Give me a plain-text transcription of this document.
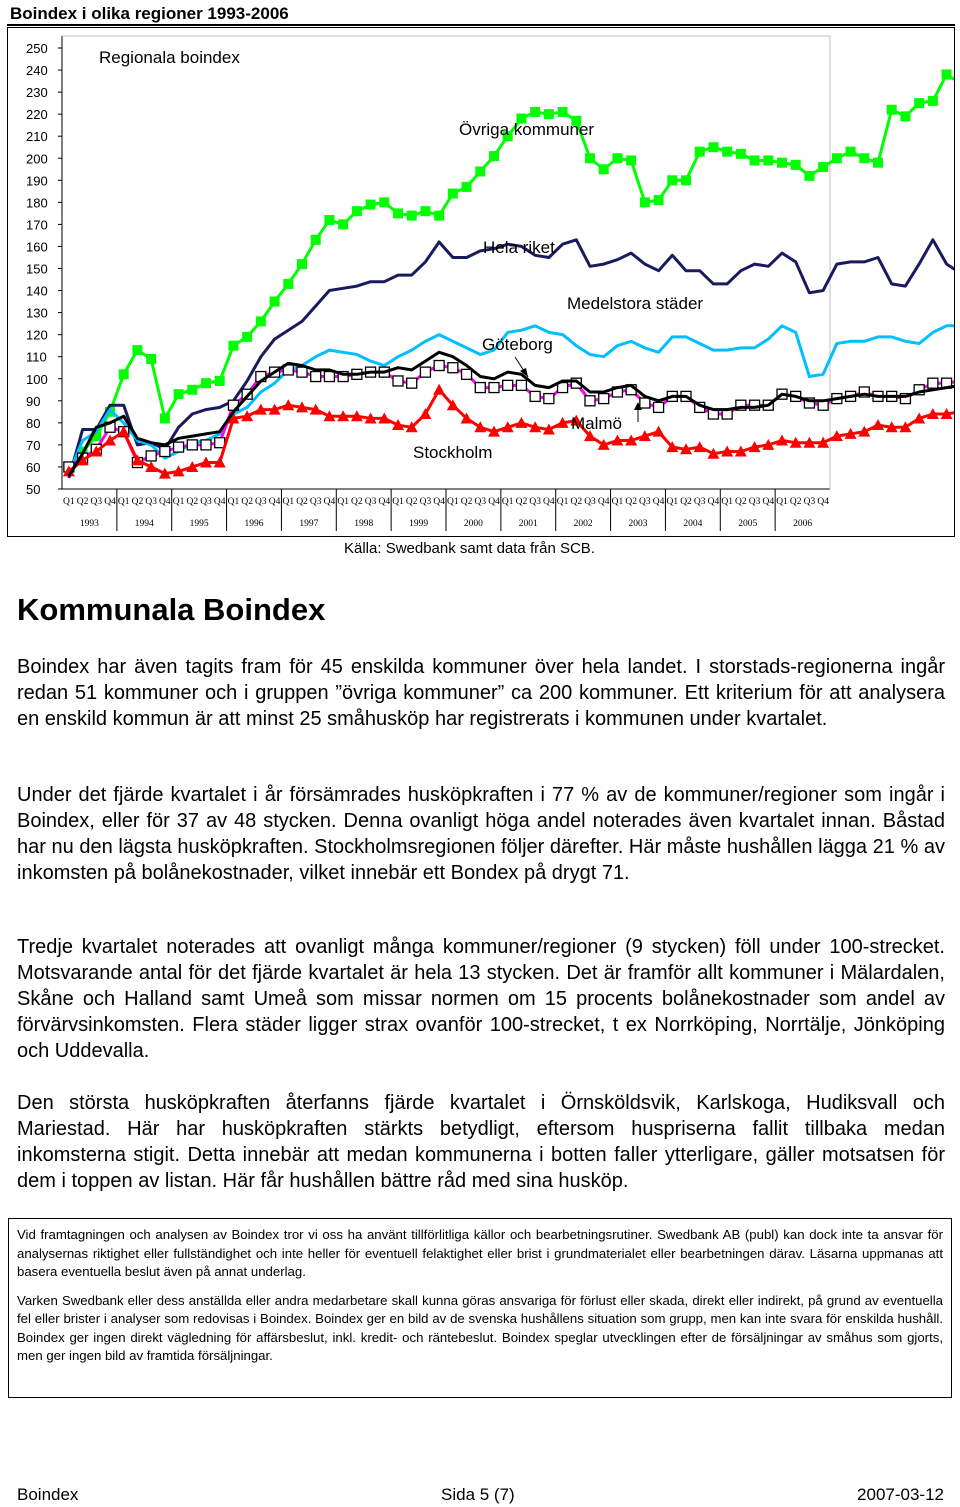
Boindex i olika regioner 1993-2006
250
240
230
220
210
200
190
180
170
160
150
140
130
120
110
100
90
80
70
60
50
Q1 Q2 Q3 Q4 Q1 Q2 Q3 Q4 Q1 Q2 Q3 Q4 Q1 Q2 Q3 Q4 Q1 Q2 Q3 Q4 Q1 Q2 Q3 Q4 Q1 Q2 Q3 Q4 Q1 Q2 Q3 Q4 Q1 Q2 Q3 Q4 Q1 Q2 Q3 Q4 Q1 Q2 Q3 Q4 Q1 Q2 Q3 Q4 Q1 Q2 Q3 Q4 Q1 Q2 Q3 Q4
1993	1994	1995	1996	1997	1998	1999	2000	2001	2002	2003	2004	2005	2006
Regionala boindex
Övriga kommuner
Hela riket
Medelstora städer
Göteborg
Malmö
Stockholm
Källa: Swedbank samt data från SCB.
Kommunala Boindex

Boindex har även tagits fram för 45 enskilda kommuner över hela landet. I storstads-regionerna ingår redan 51 kommuner och i gruppen ”övriga kommuner” ca 200 kommuner. Ett kriterium för att analysera en enskild kommun är att minst 25 småhusköp har registrerats i kommunen under kvartalet.

Under det fjärde kvartalet i år försämrades husköpkraften i 77 % av de kommuner/regioner som ingår i Boindex, eller för 37 av 48 stycken. Denna ovanligt höga andel noterades även kvartalet innan. Båstad har nu den lägsta husköpkraften. Stockholmsregionen följer därefter. Här måste hushållen lägga 21 % av inkomsten på bolånekostnader, vilket innebär ett Bondex på drygt 71.

Tredje kvartalet noterades att ovanligt många kommuner/regioner (9 stycken) föll under 100-strecket. Motsvarande antal för det fjärde kvartalet är hela 13 stycken. Det är framför allt kommuner i Mälardalen, Skåne och Halland samt Umeå som missar normen om 15 procents bolånekostnader som andel av förvärvsinkomsten. Flera städer ligger strax ovanför 100-strecket, t ex Norrköping, Norrtälje, Jönköping och Uddevalla.

Den största husköpkraften återfanns fjärde kvartalet i Örnsköldsvik, Karlskoga, Hudiksvall och Mariestad. Här har husköpkraften stärkts betydligt, eftersom huspriserna fallit tillbaka medan inkomsterna stigit. Detta innebär att medan kommunerna i botten faller ytterligare, gäller motsatsen för dem i toppen av listan. Här får hushållen bättre råd med sina husköp.

Vid framtagningen och analysen av Boindex tror vi oss ha använt tillförlitliga källor och bearbetningsrutiner. Swedbank AB (publ) kan dock inte ta ansvar för analysernas riktighet eller fullständighet och inte heller för eventuell felaktighet eller brist i grundmaterialet eller bearbetningen därav. Läsarna uppmanas att basera eventuella beslut även på annat underlag.

Varken Swedbank eller dess anställda eller andra medarbetare skall kunna göras ansvariga för förlust eller skada, direkt eller indirekt, på grund av eventuella fel eller brister i analyser som redovisas i Boindex. Boindex ger en bild av de svenska hushållens situation som grupp, men kan inte svara för enskilda hushåll. Boindex ger ingen direkt vägledning för affärsbeslut, inkl. kredit- och räntebeslut. Boindex speglar utvecklingen efter de försäljningar av småhus som gjorts, men ger ingen bild av framtida försäljningar.

Boindex	Sida 5 (7)	2007-03-12
